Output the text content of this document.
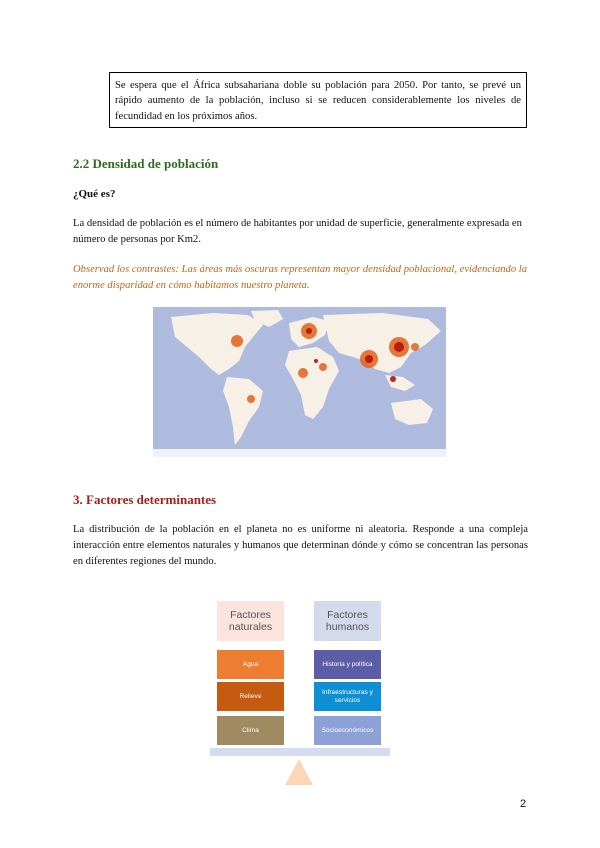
Se espera que el África subsahariana doble su población para 2050. Por tanto, se prevé un rápido aumento de la población, incluso si se reducen considerablemente los niveles de fecundidad en los próximos años.
2.2 Densidad de población
¿Qué es?
La densidad de población es el número de habitantes por unidad de superficie, generalmente expresada en número de personas por Km2.
Observad los contrastes: Las áreas más oscuras representan mayor densidad poblacional, evidenciando la enorme disparidad en cómo habitamos nuestro planeta.
3. Factores determinantes
La distribución de la población en el planeta no es uniforme ni aleatoria. Responde a una compleja interacción entre elementos naturales y humanos que determinan dónde y cómo se concentran las personas en diferentes regiones del mundo.
Factores naturales
Factores humanos
Agua
Relieve
Clima
Historia y política
Infraestructuras y servicios
Socioeconómicos
2
